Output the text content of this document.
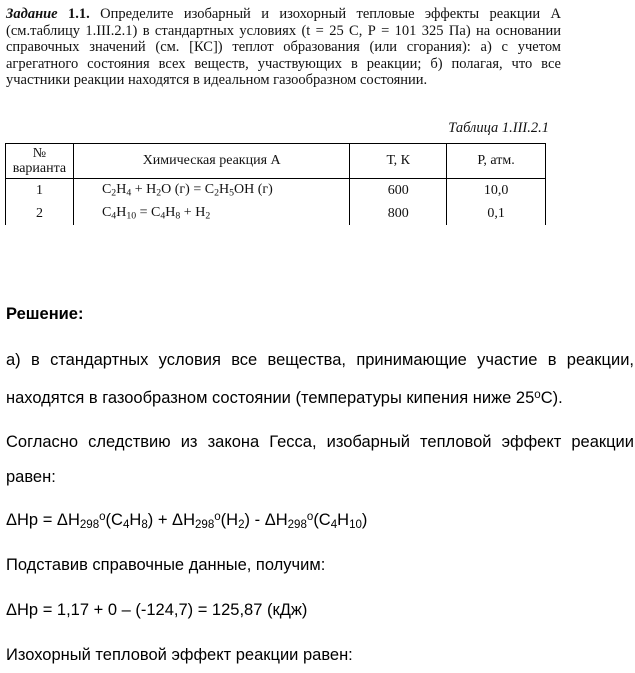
Задание 1.1. Определите изобарный и изохорный тепловые эффекты реакции А (см.таблицу 1.III.2.1) в стандартных условиях (t = 25 С, Р = 101 325 Па) на основании справочных значений (см. [КС]) теплот образования (или сгорания): а) с учетом агрегатного состояния всех веществ, участвующих в реакции; б) полагая, что все участники реакции находятся в идеальном газообразном состоянии.
Таблица 1.III.2.1
№
варианта	Химическая реакция А	Т, К	Р, атм.
1	$C_2H_4 + H_2O$ $(г) = C_2H_5OH$ (г)	600	10,0
2	$C_4H_{10} = C_4H_8 + H_2$	800	0,1
Решение:
а) в стандартных условия все вещества, принимающие участие в реакции, находятся в газообразном состоянии (температуры кипения ниже $25^оС$).
Согласно следствию из закона Гесса, изобарный тепловой эффект реакции равен:
$\Delta Hp = \Delta H_{298}^о(C_4H_8) + \Delta H_{298}^о(H_2) - \Delta H_{298}^о(C_4H_{10})$
Подставив справочные данные, получим:
ΔHp = 1,17 + 0 – (-124,7) = 125,87 (кДж)
Изохорный тепловой эффект реакции равен:
